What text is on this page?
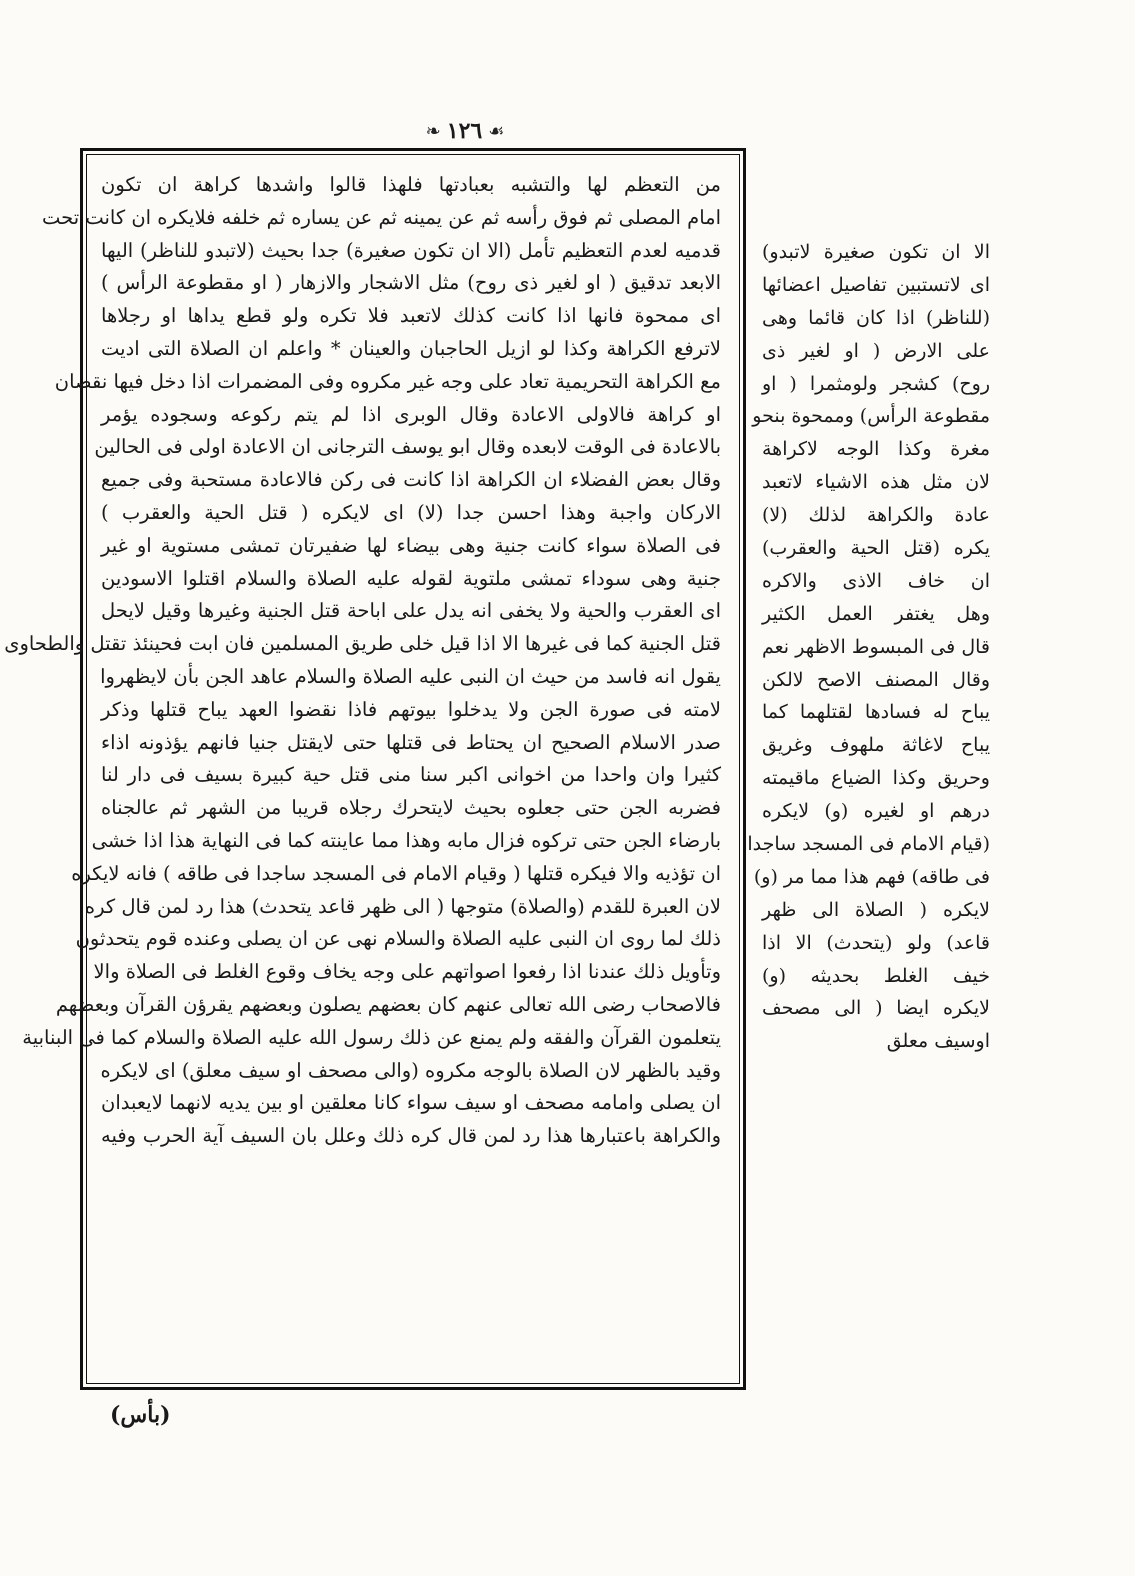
❧ ١٢٦ ☙
من التعظم لها والتشبه بعبادتها فلهذا قالوا واشدها كراهة ان تكون
امام المصلى ثم فوق رأسه ثم عن يمينه ثم عن يساره ثم خلفه فلايكره ان كانت تحت
قدميه لعدم التعظيم تأمل (الا ان تكون صغيرة) جدا بحيث (لاتبدو للناظر) اليها
الابعد تدقيق ( او لغير ذى روح) مثل الاشجار والازهار ( او مقطوعة الرأس )
اى ممحوة فانها اذا كانت كذلك لاتعبد فلا تكره ولو قطع يداها او رجلاها
لاترفع الكراهة وكذا لو ازيل الحاجبان والعينان * واعلم ان الصلاة التى اديت
مع الكراهة التحريمية تعاد على وجه غير مكروه وفى المضمرات اذا دخل فيها نقصان
او كراهة فالاولى الاعادة وقال الوبرى اذا لم يتم ركوعه وسجوده يؤمر
بالاعادة فى الوقت لابعده وقال ابو يوسف الترجانى ان الاعادة اولى فى الحالين
وقال بعض الفضلاء ان الكراهة اذا كانت فى ركن فالاعادة مستحبة وفى جميع
الاركان واجبة وهذا احسن جدا (لا) اى لايكره ( قتل الحية والعقرب )
فى الصلاة سواء كانت جنية وهى بيضاء لها ضفيرتان تمشى مستوية او غير
جنية وهى سوداء تمشى ملتوية لقوله عليه الصلاة والسلام اقتلوا الاسودين
اى العقرب والحية ولا يخفى انه يدل على اباحة قتل الجنية وغيرها وقيل لايحل
قتل الجنية كما فى غيرها الا اذا قيل خلى طريق المسلمين فان ابت فحينئذ تقتل والطحاوى
يقول انه فاسد من حيث ان النبى عليه الصلاة والسلام عاهد الجن بأن لايظهروا
لامته فى صورة الجن ولا يدخلوا بيوتهم فاذا نقضوا العهد يباح قتلها وذكر
صدر الاسلام الصحيح ان يحتاط فى قتلها حتى لايقتل جنيا فانهم يؤذونه اذاء
كثيرا وان واحدا من اخوانى اكبر سنا منى قتل حية كبيرة بسيف فى دار لنا
فضربه الجن حتى جعلوه بحيث لايتحرك رجلاه قريبا من الشهر ثم عالجناه
بارضاء الجن حتى تركوه فزال مابه وهذا مما عاينته كما فى النهاية هذا اذا خشى
ان تؤذيه والا فيكره قتلها ( وقيام الامام فى المسجد ساجدا فى طاقه ) فانه لايكره
لان العبرة للقدم (والصلاة) متوجها ( الى ظهر قاعد يتحدث) هذا رد لمن قال كره
ذلك لما روى ان النبى عليه الصلاة والسلام نهى عن ان يصلى وعنده قوم يتحدثون
وتأويل ذلك عندنا اذا رفعوا اصواتهم على وجه يخاف وقوع الغلط فى الصلاة والا
فالاصحاب رضى الله تعالى عنهم كان بعضهم يصلون وبعضهم يقرؤن القرآن وبعضهم
يتعلمون القرآن والفقه ولم يمنع عن ذلك رسول الله عليه الصلاة والسلام كما فى البنابية
وقيد بالظهر لان الصلاة بالوجه مكروه (والى مصحف او سيف معلق) اى لايكره
ان يصلى وامامه مصحف او سيف سواء كانا معلقين او بين يديه لانهما لايعبدان
والكراهة باعتبارها هذا رد لمن قال كره ذلك وعلل بان السيف آية الحرب وفيه
الا ان تكون صغيرة لاتبدو)
اى لاتستبين تفاصيل اعضائها
(للناظر) اذا كان قائما وهى
على الارض ( او لغير ذى
روح) كشجر ولومثمرا ( او
مقطوعة الرأس) وممحوة بنحو
مغرة وكذا الوجه لاكراهة
لان مثل هذه الاشياء لاتعبد
عادة والكراهة لذلك (لا)
يكره (قتل الحية والعقرب)
ان خاف الاذى والاكره
وهل يغتفر العمل الكثير
قال فى المبسوط الاظهر نعم
وقال المصنف الاصح لالكن
يباح له فسادها لقتلهما كما
يباح لاغاثة ملهوف وغريق
وحريق وكذا الضياع ماقيمته
درهم او لغيره (و) لايكره
(قيام الامام فى المسجد ساجدا
فى طاقه) فهم هذا مما مر (و)
لايكره ( الصلاة الى ظهر
قاعد) ولو (يتحدث) الا اذا
خيف الغلط بحديثه (و)
لايكره ايضا ( الى مصحف
اوسيف معلق
(بأس)
